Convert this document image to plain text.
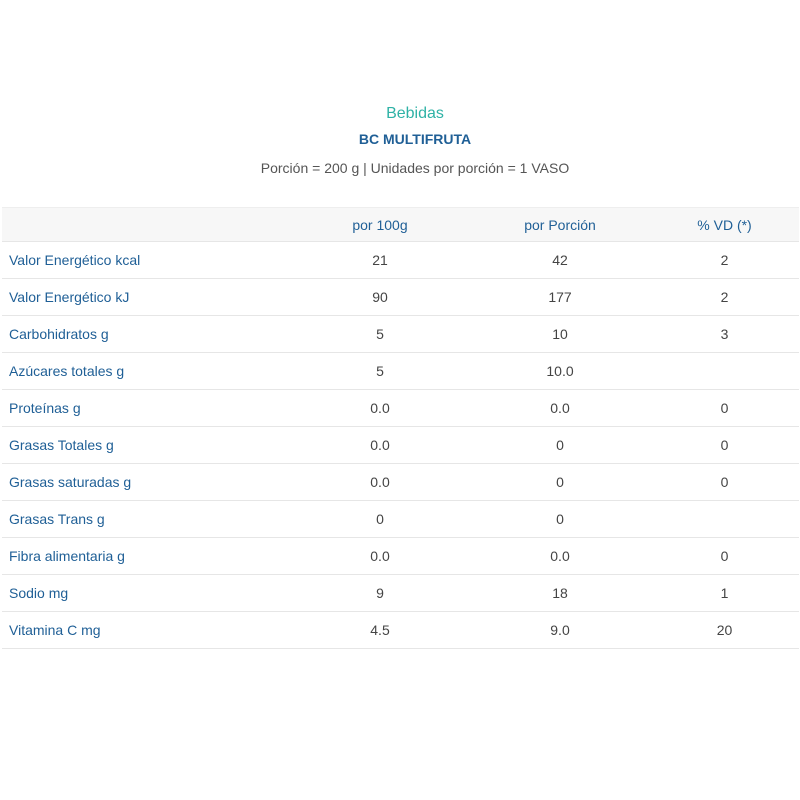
Bebidas
BC MULTIFRUTA
Porción = 200 g | Unidades por porción = 1 VASO
	por 100g	por Porción	% VD (*)
Valor Energético kcal	21	42	2
Valor Energético kJ	90	177	2
Carbohidratos g	5	10	3
Azúcares totales g	5	10.0	
Proteínas g	0.0	0.0	0
Grasas Totales g	0.0	0	0
Grasas saturadas g	0.0	0	0
Grasas Trans g	0	0	
Fibra alimentaria g	0.0	0.0	0
Sodio mg	9	18	1
Vitamina C mg	4.5	9.0	20
